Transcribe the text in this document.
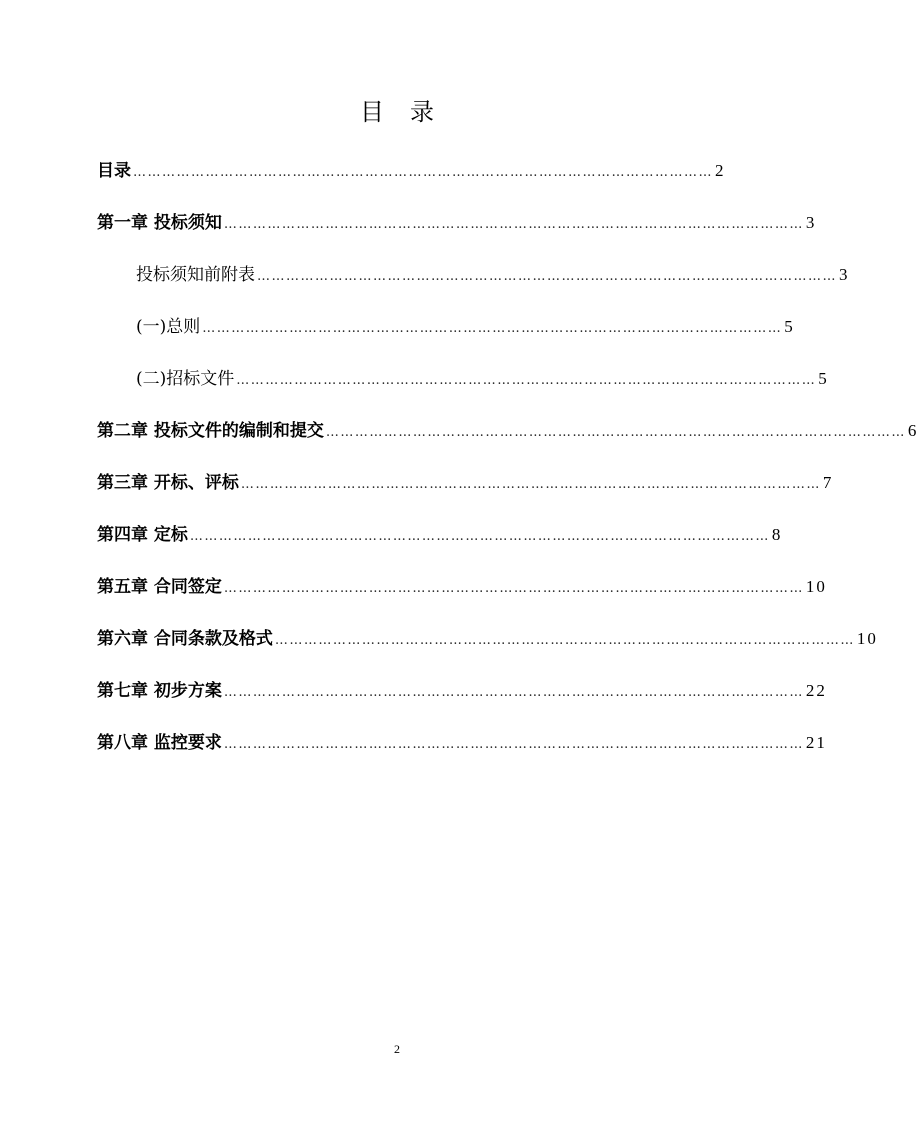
目 录
目录 ………………………………………………………………………………………………………… 2
第一章 投标须知 ………………………………………………………………………………………………………… 3
投标须知前附表 ………………………………………………………………………………………………………… 3
(一)总则 ………………………………………………………………………………………………………… 5
(二)招标文件 ………………………………………………………………………………………………………… 5
第二章 投标文件的编制和提交 ………………………………………………………………………………………………………… 6
第三章 开标、评标 ………………………………………………………………………………………………………… 7
第四章 定标 ………………………………………………………………………………………………………… 8
第五章 合同签定 ………………………………………………………………………………………………………… 10
第六章 合同条款及格式 ………………………………………………………………………………………………………… 10
第七章 初步方案 ………………………………………………………………………………………………………… 22
第八章 监控要求 ………………………………………………………………………………………………………… 21
2
